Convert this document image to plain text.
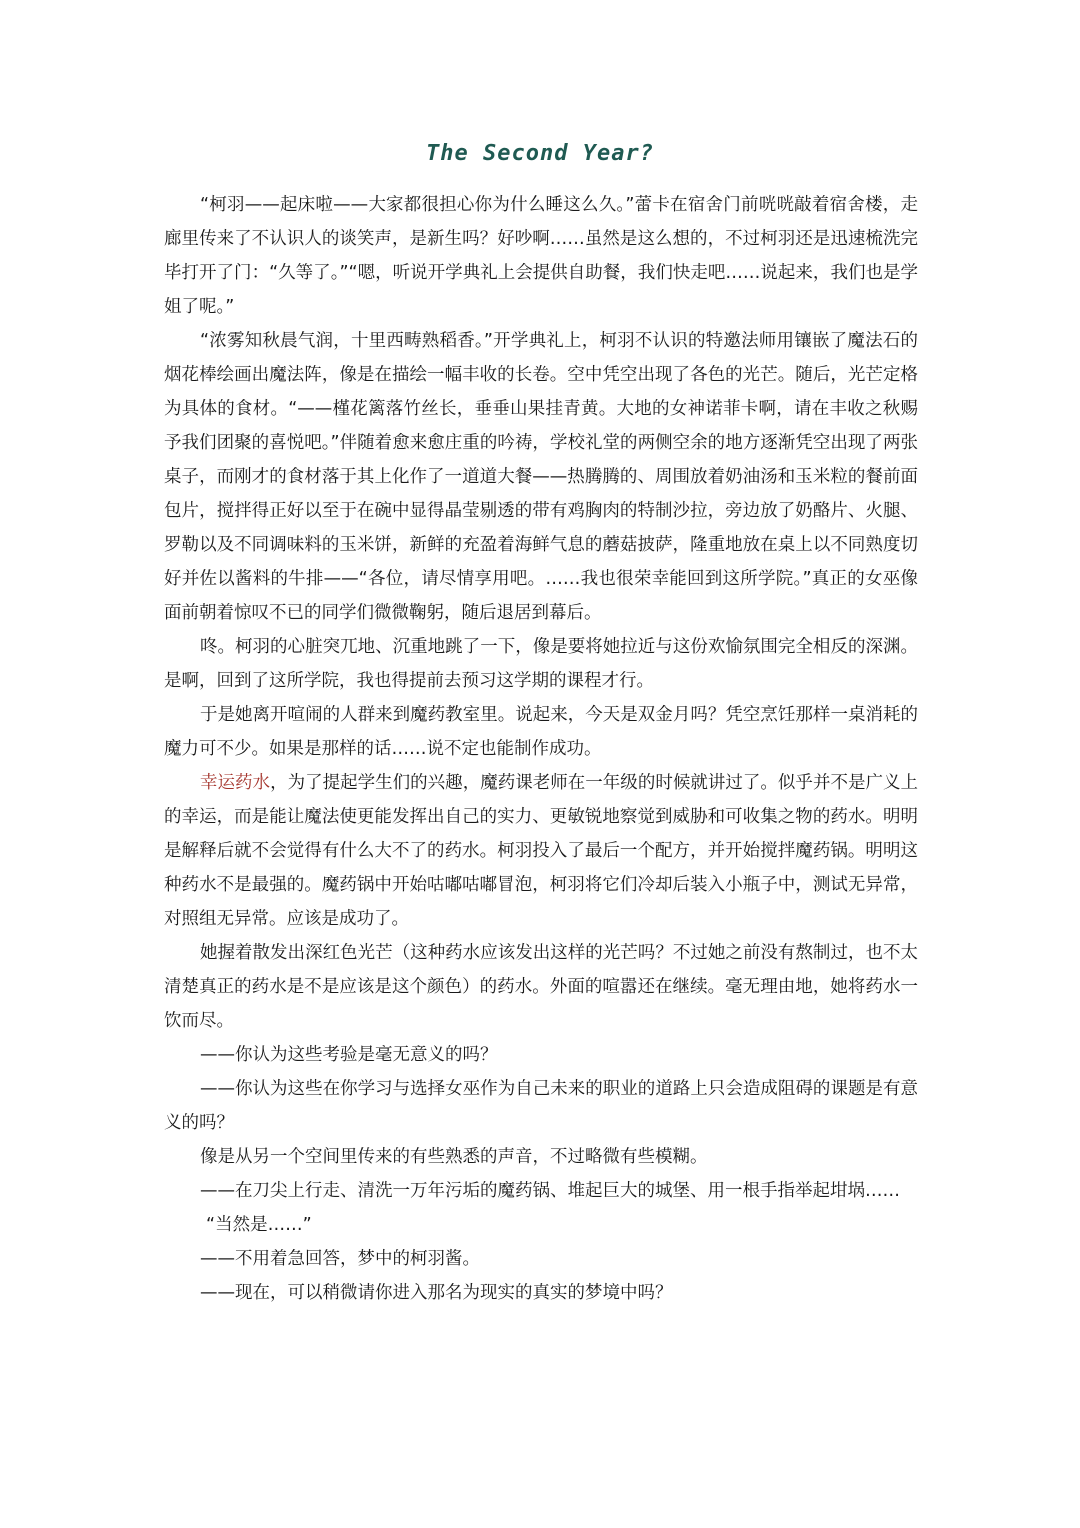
The Second Year?

“柯羽——起床啦——大家都很担心你为什么睡这么久。”蕾卡在宿舍门前咣咣敲着宿舍楼，走廊里传来了不认识人的谈笑声，是新生吗？好吵啊……虽然是这么想的，不过柯羽还是迅速梳洗完毕打开了门：“久等了。”“嗯，听说开学典礼上会提供自助餐，我们快走吧……说起来，我们也是学姐了呢。”

“浓雾知秋晨气润，十里西畴熟稻香。”开学典礼上，柯羽不认识的特邀法师用镶嵌了魔法石的烟花棒绘画出魔法阵，像是在描绘一幅丰收的长卷。空中凭空出现了各色的光芒。随后，光芒定格为具体的食材。“——槿花篱落竹丝长，垂垂山果挂青黄。大地的女神诺菲卡啊，请在丰收之秋赐予我们团聚的喜悦吧。”伴随着愈来愈庄重的吟祷，学校礼堂的两侧空余的地方逐渐凭空出现了两张桌子，而刚才的食材落于其上化作了一道道大餐——热腾腾的、周围放着奶油汤和玉米粒的餐前面包片，搅拌得正好以至于在碗中显得晶莹剔透的带有鸡胸肉的特制沙拉，旁边放了奶酪片、火腿、罗勒以及不同调味料的玉米饼，新鲜的充盈着海鲜气息的蘑菇披萨，隆重地放在桌上以不同熟度切好并佐以酱料的牛排——“各位，请尽情享用吧。……我也很荣幸能回到这所学院。”真正的女巫像面前朝着惊叹不已的同学们微微鞠躬，随后退居到幕后。

咚。柯羽的心脏突兀地、沉重地跳了一下，像是要将她拉近与这份欢愉氛围完全相反的深渊。是啊，回到了这所学院，我也得提前去预习这学期的课程才行。

于是她离开喧闹的人群来到魔药教室里。说起来，今天是双金月吗？凭空烹饪那样一桌消耗的魔力可不少。如果是那样的话……说不定也能制作成功。

幸运药水，为了提起学生们的兴趣，魔药课老师在一年级的时候就讲过了。似乎并不是广义上的幸运，而是能让魔法使更能发挥出自己的实力、更敏锐地察觉到威胁和可收集之物的药水。明明是解释后就不会觉得有什么大不了的药水。柯羽投入了最后一个配方，并开始搅拌魔药锅。明明这种药水不是最强的。魔药锅中开始咕嘟咕嘟冒泡，柯羽将它们冷却后装入小瓶子中，测试无异常，对照组无异常。应该是成功了。

她握着散发出深红色光芒（这种药水应该发出这样的光芒吗？不过她之前没有熬制过，也不太清楚真正的药水是不是应该是这个颜色）的药水。外面的喧嚣还在继续。毫无理由地，她将药水一饮而尽。

——你认为这些考验是毫无意义的吗？

——你认为这些在你学习与选择女巫作为自己未来的职业的道路上只会造成阻碍的课题是有意义的吗？

像是从另一个空间里传来的有些熟悉的声音，不过略微有些模糊。

——在刀尖上行走、清洗一万年污垢的魔药锅、堆起巨大的城堡、用一根手指举起坩埚……

“当然是……”

——不用着急回答，梦中的柯羽酱。

——现在，可以稍微请你进入那名为现实的真实的梦境中吗？
